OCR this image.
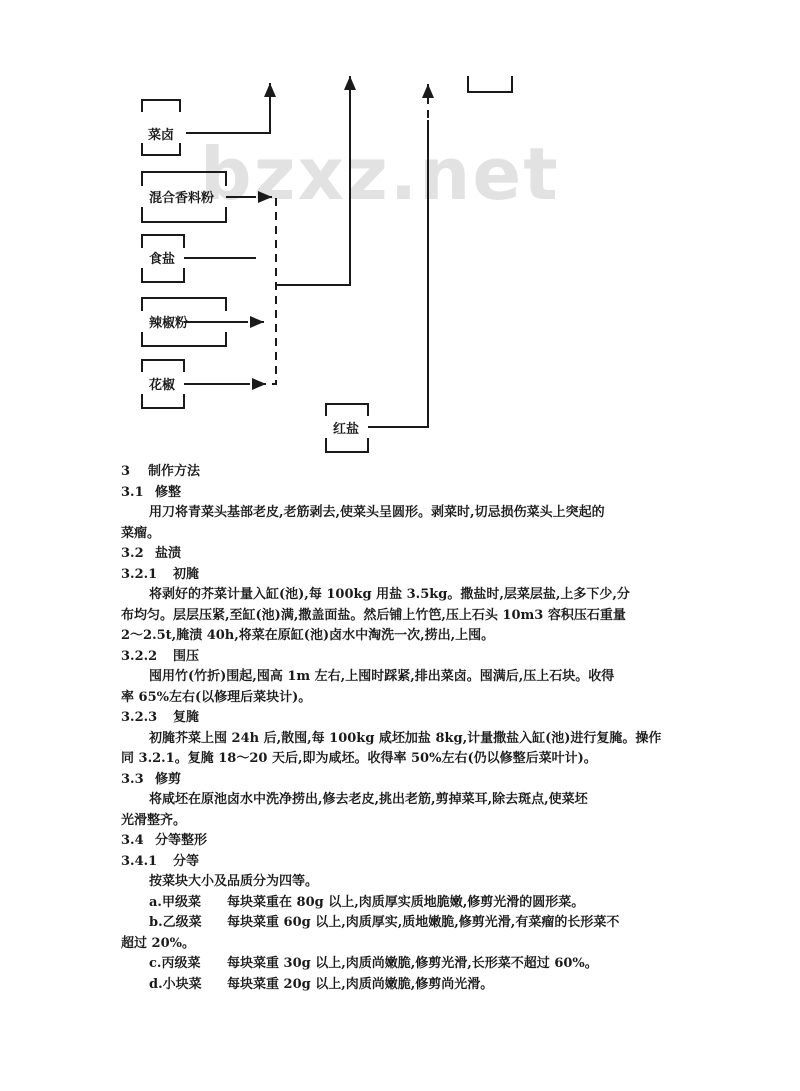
bzxz.net
菜卤
混合香料粉
食盐
辣椒粉
花椒
红盐
3 制作方法
3.1 修整
用刀将青菜头基部老皮,老筋剥去,使菜头呈圆形。剥菜时,切忌损伤菜头上突起的
菜瘤。
3.2 盐渍
3.2.1 初腌
将剥好的芥菜计量入缸(池),每 100kg 用盐 3.5kg。撒盐时,层菜层盐,上多下少,分
布均匀。层层压紧,至缸(池)满,撒盖面盐。然后铺上竹笆,压上石头 10m3 容积压石重量
2～2.5t,腌渍 40h,将菜在原缸(池)卤水中淘洗一次,捞出,上囤。
3.2.2 围压
囤用竹(竹折)围起,囤高 1m 左右,上囤时踩紧,排出菜卤。囤满后,压上石块。收得
率 65%左右(以修理后菜块计)。
3.2.3 复腌
初腌芥菜上囤 24h 后,散囤,每 100kg 咸坯加盐 8kg,计量撒盐入缸(池)进行复腌。操作
同 3.2.1。复腌 18～20 天后,即为咸坯。收得率 50%左右(仍以修整后菜叶计)。
3.3 修剪
将咸坯在原池卤水中洗净捞出,修去老皮,挑出老筋,剪掉菜耳,除去斑点,使菜坯
光滑整齐。
3.4 分等整形
3.4.1 分等
按菜块大小及品质分为四等。
a.甲级菜 每块菜重在 80g 以上,肉质厚实质地脆嫩,修剪光滑的圆形菜。
b.乙级菜 每块菜重 60g 以上,肉质厚实,质地嫩脆,修剪光滑,有菜瘤的长形菜不
超过 20%。
c.丙级菜 每块菜重 30g 以上,肉质尚嫩脆,修剪光滑,长形菜不超过 60%。
d.小块菜 每块菜重 20g 以上,肉质尚嫩脆,修剪尚光滑。
